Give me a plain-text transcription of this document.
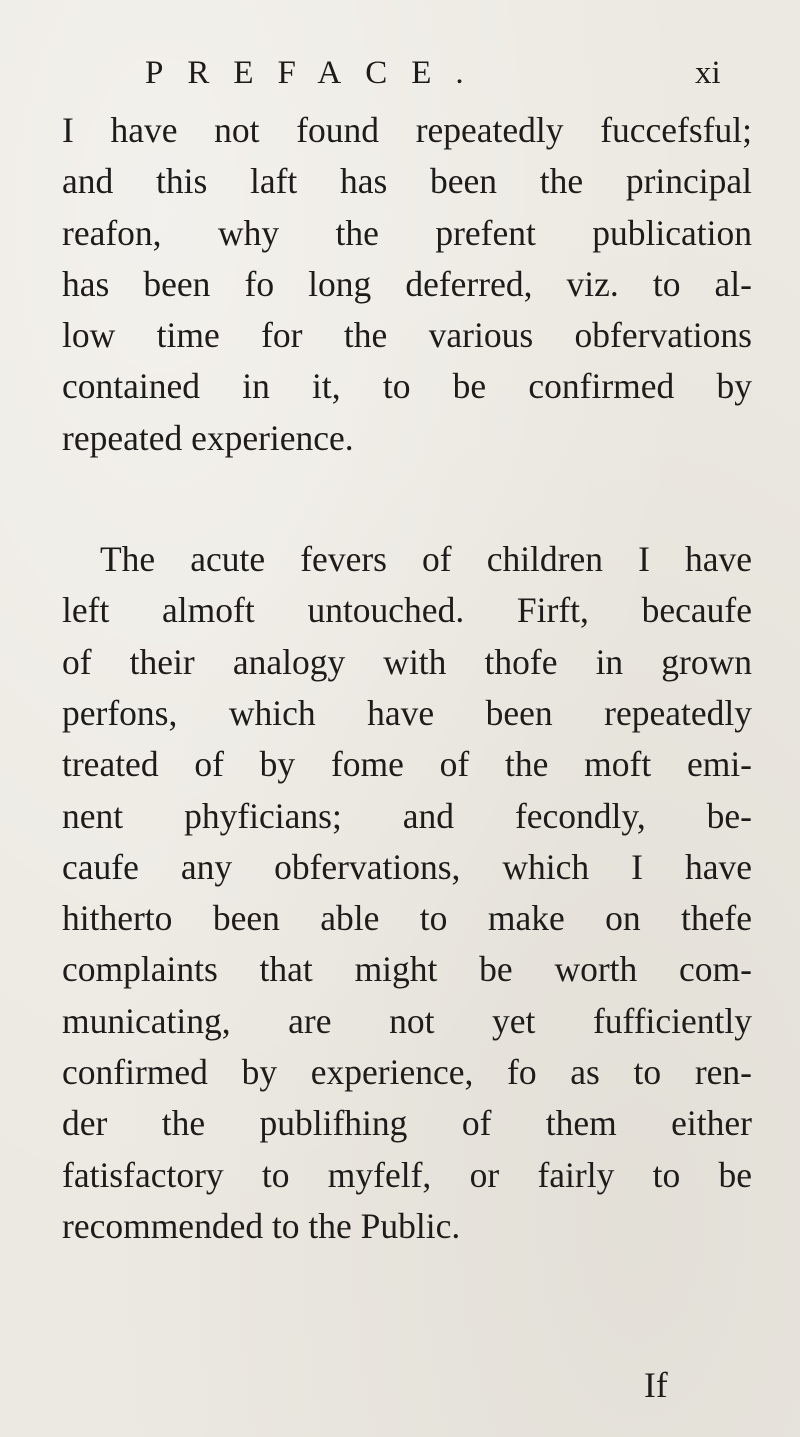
PREFACE.	xi
I have not found repeatedly fuccefsful;
and this laft has been the principal
reafon, why the prefent publication
has been fo long deferred, viz. to al-
low time for the various obfervations
contained in it, to be confirmed by
repeated experience.
The acute fevers of children I have
left almoft untouched. Firft, becaufe
of their analogy with thofe in grown
perfons, which have been repeatedly
treated of by fome of the moft emi-
nent phyficians; and fecondly, be-
caufe any obfervations, which I have
hitherto been able to make on thefe
complaints that might be worth com-
municating, are not yet fufficiently
confirmed by experience, fo as to ren-
der the publifhing of them either
fatisfactory to myfelf, or fairly to be
recommended to the Public.
If
